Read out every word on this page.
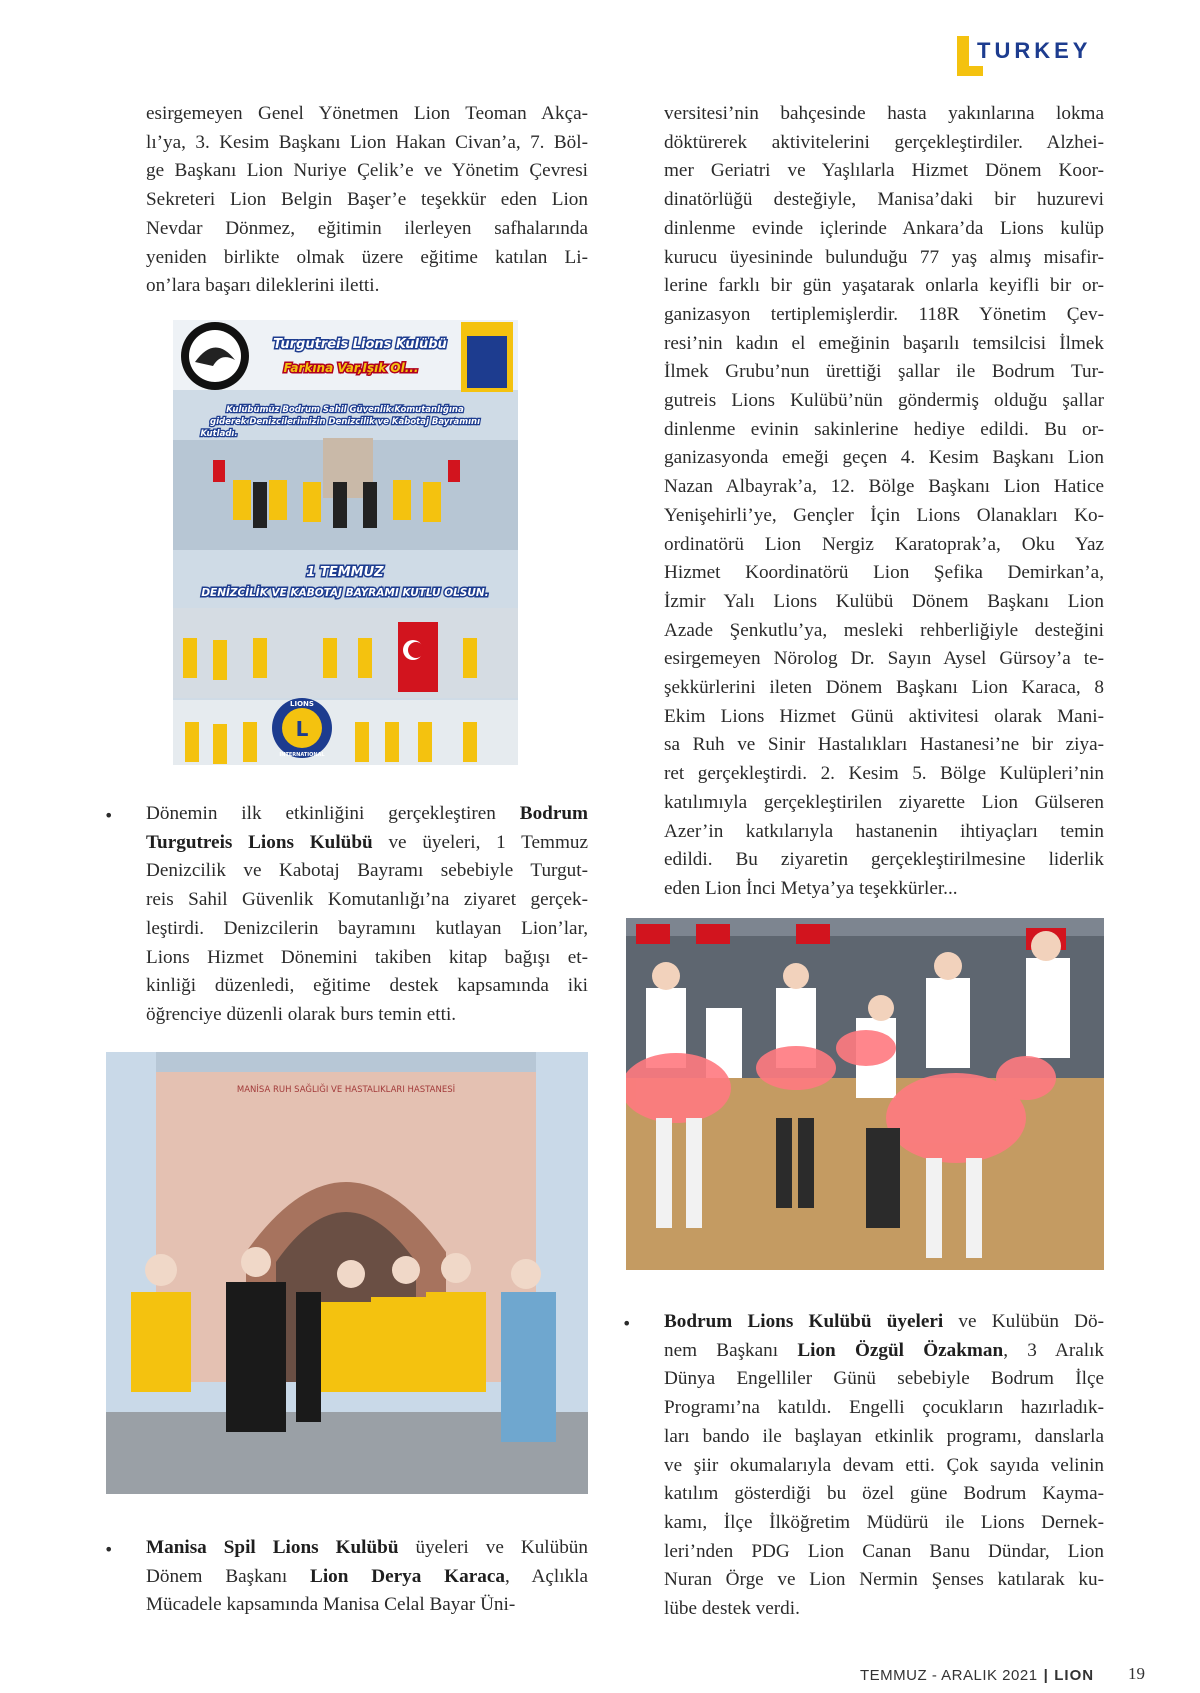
TURKEY
esirgemeyen Genel Yönetmen Lion Teoman Akça-
lı’ya, 3. Kesim Başkanı Lion Hakan Civan’a, 7. Böl-
ge Başkanı Lion Nuriye Çelik’e ve Yönetim Çevresi
Sekreteri Lion Belgin Başer’e teşekkür eden Lion
Nevdar Dönmez, eğitimin ilerleyen safhalarında
yeniden birlikte olmak üzere eğitime katılan Li-
on’lara başarı dileklerini iletti.
Turgutreis Lions Kulübü
Farkına Var,Işık Ol...
Kulübümüz Bodrum Sahil Güvenlik Komutanlığına
giderek Denizcilerimizin Denizcilik ve Kabotaj Bayramını
Kutladı.
1 TEMMUZ
DENİZCİLİK VE KABOTAJ BAYRAMI KUTLU OLSUN.
L
LIONS
INTERNATIONAL
• Dönemin ilk etkinliğini gerçekleştiren Bodrum
Turgutreis Lions Kulübü ve üyeleri, 1 Temmuz
Denizcilik ve Kabotaj Bayramı sebebiyle Turgut-
reis Sahil Güvenlik Komutanlığı’na ziyaret gerçek-
leştirdi. Denizcilerin bayramını kutlayan Lion’lar,
Lions Hizmet Dönemini takiben kitap bağışı et-
kinliği düzenledi, eğitime destek kapsamında iki
öğrenciye düzenli olarak burs temin etti.
MANİSA RUH SAĞLIĞI VE HASTALIKLARI HASTANESİ
• Manisa Spil Lions Kulübü üyeleri ve Kulübün
Dönem Başkanı Lion Derya Karaca, Açlıkla
Mücadele kapsamında Manisa Celal Bayar Üni-
versitesi’nin bahçesinde hasta yakınlarına lokma
döktürerek aktivitelerini gerçekleştirdiler. Alzhei-
mer Geriatri ve Yaşlılarla Hizmet Dönem Koor-
dinatörlüğü desteğiyle, Manisa’daki bir huzurevi
dinlenme evinde içlerinde Ankara’da Lions kulüp
kurucu üyesininde bulunduğu 77 yaş almış misafir-
lerine farklı bir gün yaşatarak onlarla keyifli bir or-
ganizasyon tertiplemişlerdir. 118R Yönetim Çev-
resi’nin kadın el emeğinin başarılı temsilcisi İlmek
İlmek Grubu’nun ürettiği şallar ile Bodrum Tur-
gutreis Lions Kulübü’nün göndermiş olduğu şallar
dinlenme evinin sakinlerine hediye edildi. Bu or-
ganizasyonda emeği geçen 4. Kesim Başkanı Lion
Nazan Albayrak’a, 12. Bölge Başkanı Lion Hatice
Yenişehirli’ye, Gençler İçin Lions Olanakları Ko-
ordinatörü Lion Nergiz Karatoprak’a, Oku Yaz
Hizmet Koordinatörü Lion Şefika Demirkan’a,
İzmir Yalı Lions Kulübü Dönem Başkanı Lion
Azade Şenkutlu’ya, mesleki rehberliğiyle desteğini
esirgemeyen Nörolog Dr. Sayın Aysel Gürsoy’a te-
şekkürlerini ileten Dönem Başkanı Lion Karaca, 8
Ekim Lions Hizmet Günü aktivitesi olarak Mani-
sa Ruh ve Sinir Hastalıkları Hastanesi’ne bir ziya-
ret gerçekleştirdi. 2. Kesim 5. Bölge Kulüpleri’nin
katılımıyla gerçekleştirilen ziyarette Lion Gülseren
Azer’in katkılarıyla hastanenin ihtiyaçları temin
edildi. Bu ziyaretin gerçekleştirilmesine liderlik
eden Lion İnci Metya’ya teşekkürler...
• Bodrum Lions Kulübü üyeleri ve Kulübün Dö-
nem Başkanı Lion Özgül Özakman, 3 Aralık
Dünya Engelliler Günü sebebiyle Bodrum İlçe
Programı’na katıldı. Engelli çocukların hazırladık-
ları bando ile başlayan etkinlik programı, danslarla
ve şiir okumalarıyla devam etti. Çok sayıda velinin
katılım gösterdiği bu özel güne Bodrum Kayma-
kamı, İlçe İlköğretim Müdürü ile Lions Dernek-
leri’nden PDG Lion Canan Banu Dündar, Lion
Nuran Örge ve Lion Nermin Şenses katılarak ku-
lübe destek verdi.
TEMMUZ - ARALIK 2021 | LION 19
